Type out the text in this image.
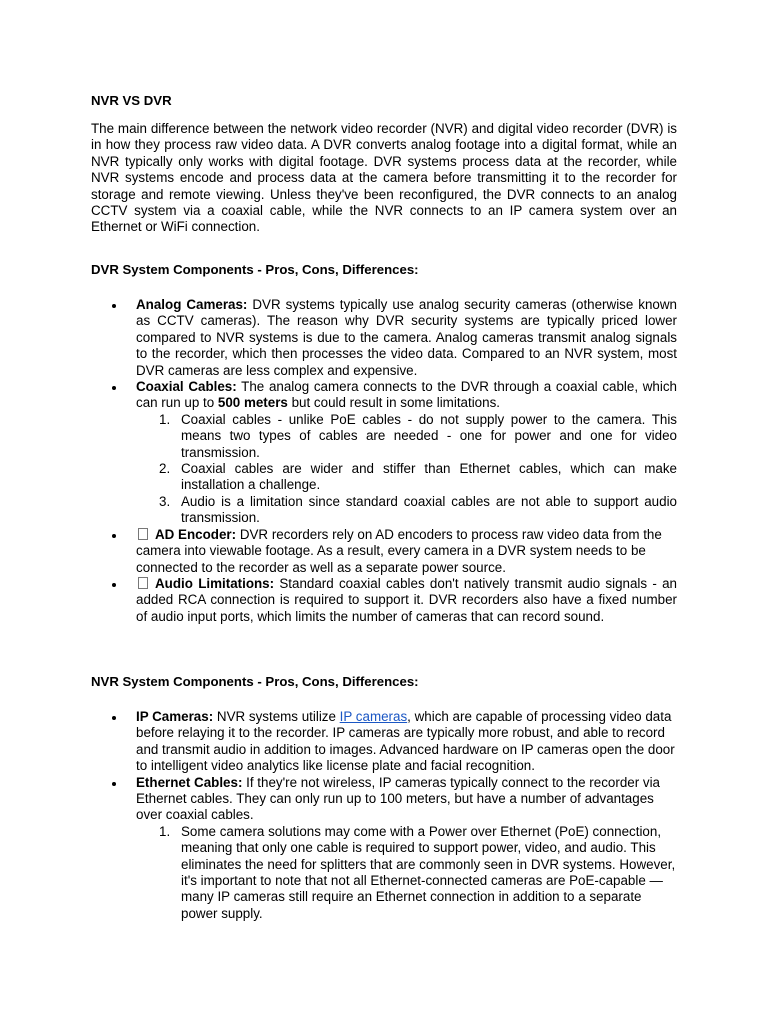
NVR VS DVR

The main difference between the network video recorder (NVR) and digital video recorder (DVR) is in how they process raw video data. A DVR converts analog footage into a digital format, while an NVR typically only works with digital footage. DVR systems process data at the recorder, while NVR systems encode and process data at the camera before transmitting it to the recorder for storage and remote viewing. Unless they've been reconfigured, the DVR connects to an analog CCTV system via a coaxial cable, while the NVR connects to an IP camera system over an Ethernet or WiFi connection.

DVR System Components - Pros, Cons, Differences:

Analog Cameras: DVR systems typically use analog security cameras (otherwise known as CCTV cameras). The reason why DVR security systems are typically priced lower compared to NVR systems is due to the camera. Analog cameras transmit analog signals to the recorder, which then processes the video data. Compared to an NVR system, most DVR cameras are less complex and expensive.
Coaxial Cables: The analog camera connects to the DVR through a coaxial cable, which can run up to 500 meters but could result in some limitations.
1. Coaxial cables - unlike PoE cables - do not supply power to the camera. This means two types of cables are needed - one for power and one for video transmission.
2. Coaxial cables are wider and stiffer than Ethernet cables, which can make installation a challenge.
3. Audio is a limitation since standard coaxial cables are not able to support audio transmission.
AD Encoder: DVR recorders rely on AD encoders to process raw video data from the camera into viewable footage. As a result, every camera in a DVR system needs to be connected to the recorder as well as a separate power source.
Audio Limitations: Standard coaxial cables don't natively transmit audio signals - an added RCA connection is required to support it. DVR recorders also have a fixed number of audio input ports, which limits the number of cameras that can record sound.

NVR System Components - Pros, Cons, Differences:

IP Cameras: NVR systems utilize IP cameras, which are capable of processing video data before relaying it to the recorder. IP cameras are typically more robust, and able to record and transmit audio in addition to images. Advanced hardware on IP cameras open the door to intelligent video analytics like license plate and facial recognition.
Ethernet Cables: If they're not wireless, IP cameras typically connect to the recorder via Ethernet cables. They can only run up to 100 meters, but have a number of advantages over coaxial cables.
1. Some camera solutions may come with a Power over Ethernet (PoE) connection, meaning that only one cable is required to support power, video, and audio. This eliminates the need for splitters that are commonly seen in DVR systems. However, it's important to note that not all Ethernet-connected cameras are PoE-capable — many IP cameras still require an Ethernet connection in addition to a separate power supply.
